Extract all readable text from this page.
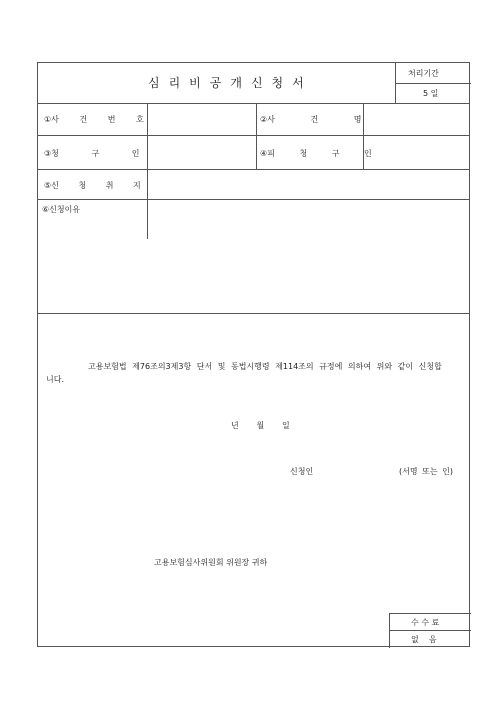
심리비공개신청서
처리기간
5 일
①사 건 번 호	②사 건 명
③청 구 인	④피 청 구 인
⑤신 청 취 지
⑥신청이유
고용보험법 제76조의3제3항 단서 및 동법시행령 제114조의 규정에 의하여 위와 같이 신청합
니다.
년       월       일
신청인	(서명 또는 인)
고용보험심사위원회 위원장 귀하
수 수 료
없    음
